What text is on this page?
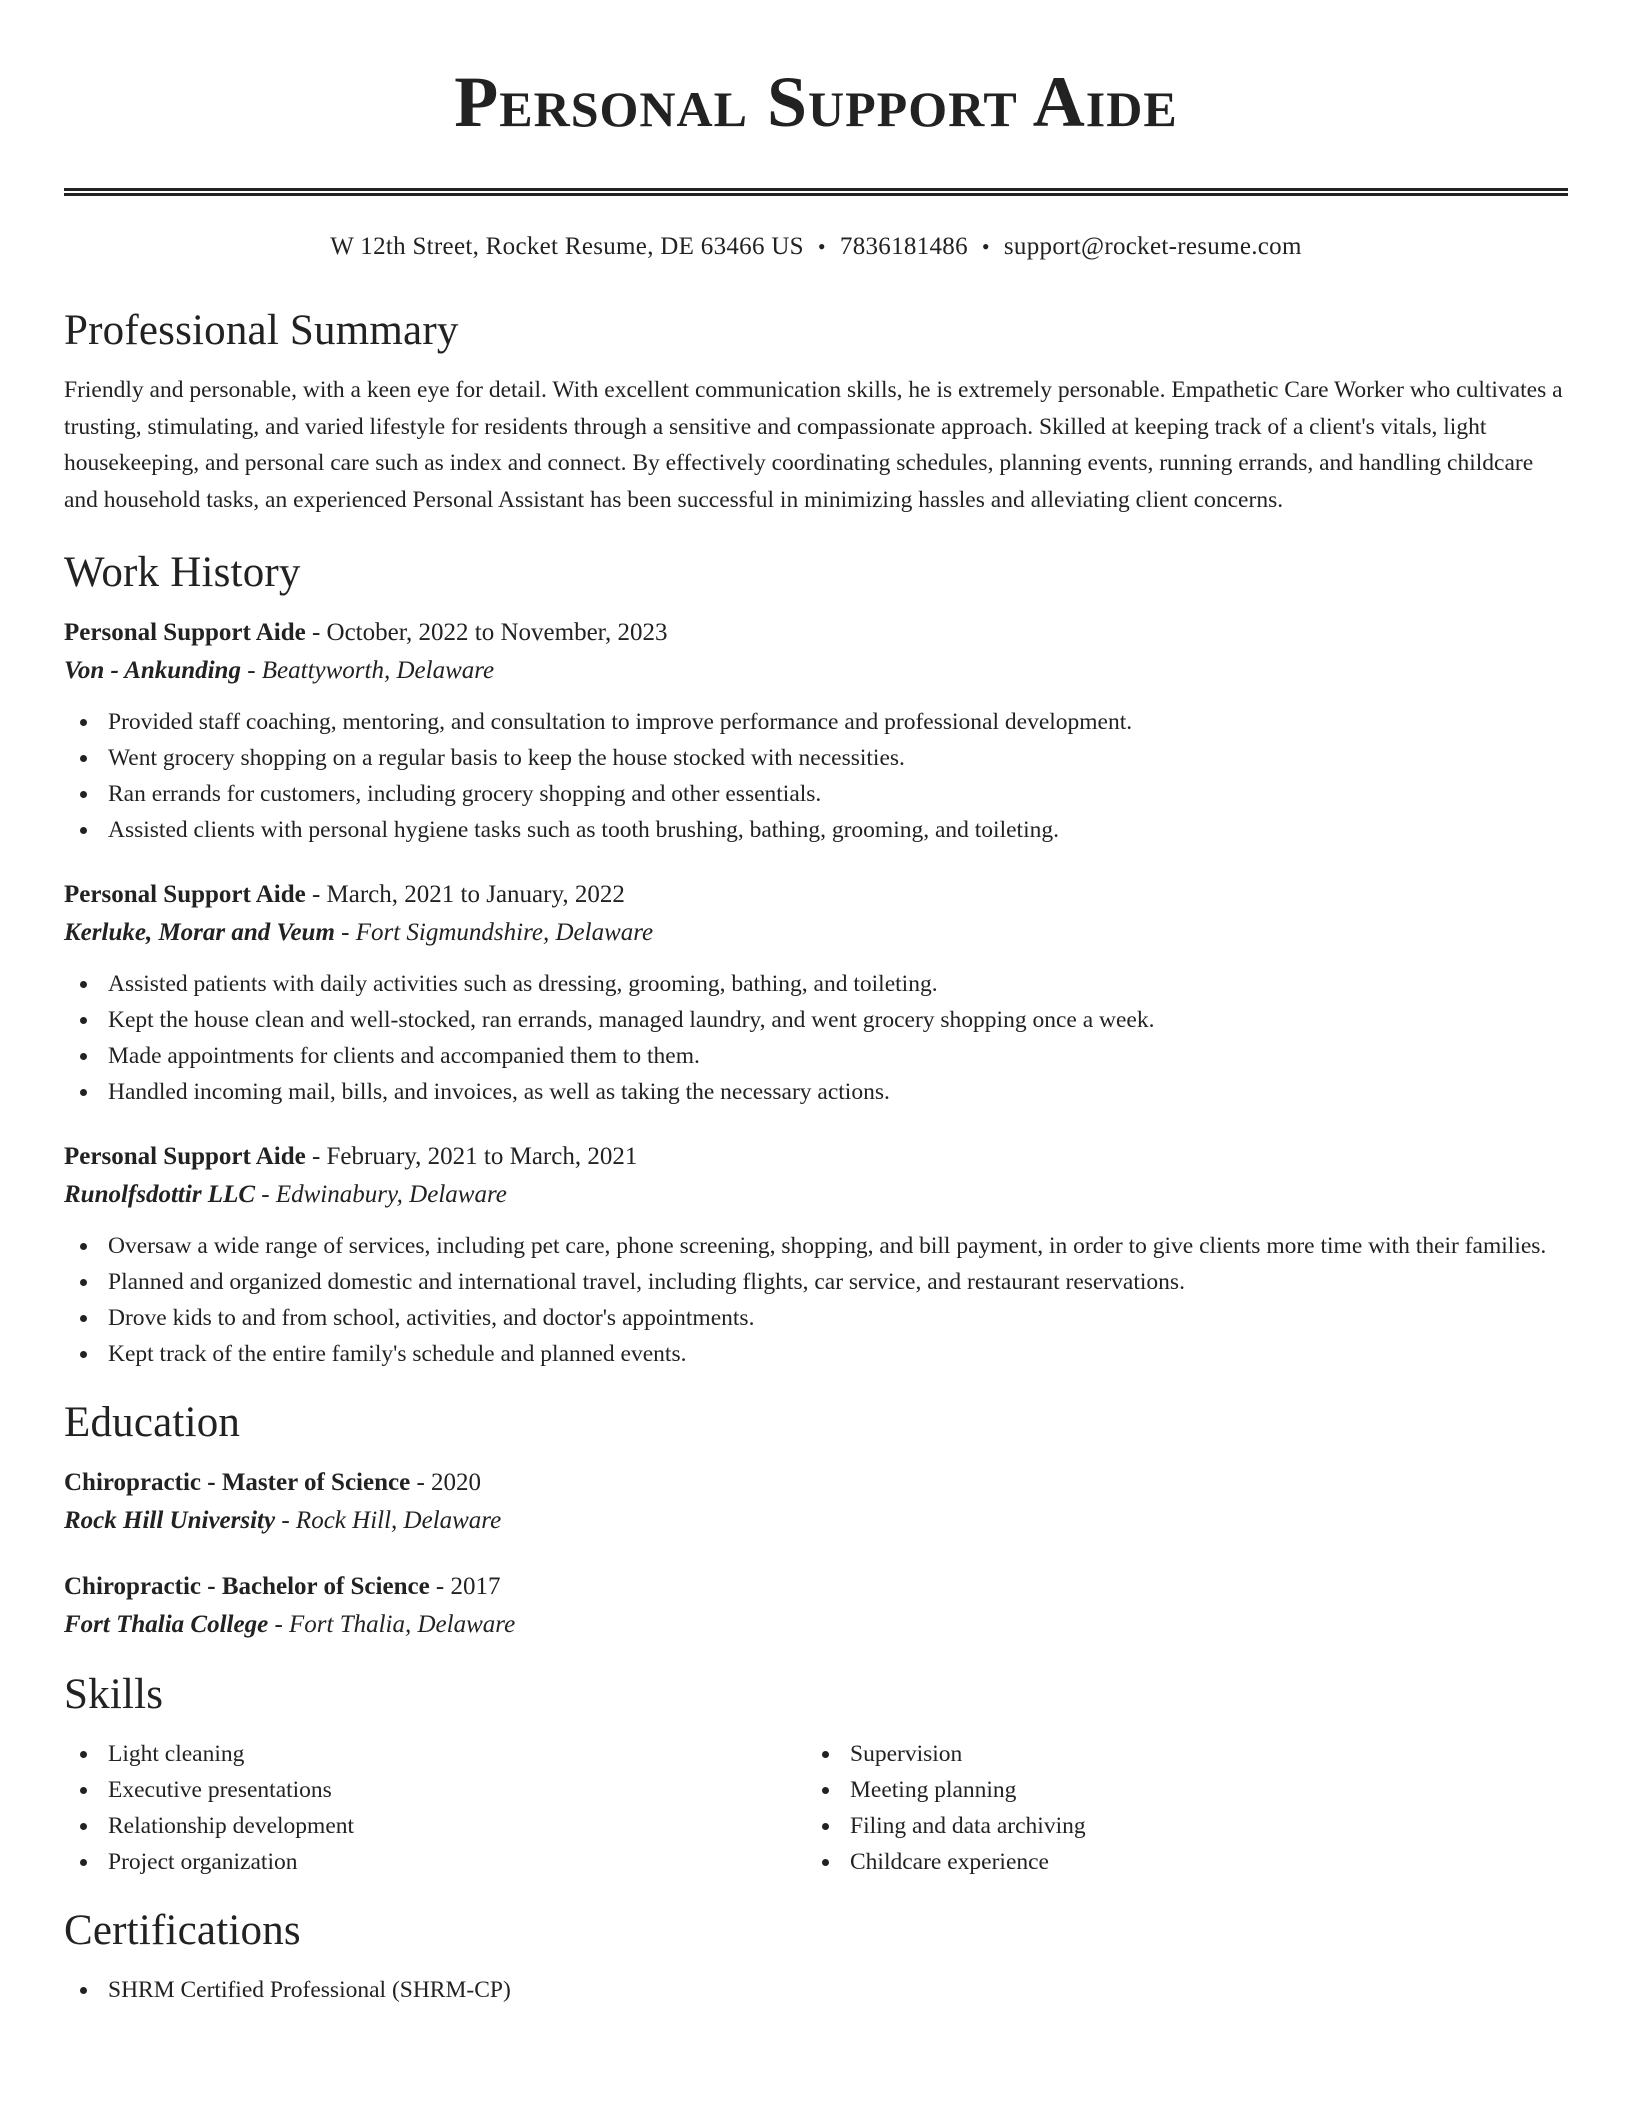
Personal Support Aide
W 12th Street, Rocket Resume, DE 63466 US • 7836181486 • support@rocket-resume.com
Professional Summary

Friendly and personable, with a keen eye for detail. With excellent communication skills, he is extremely personable. Empathetic Care Worker who cultivates a trusting, stimulating, and varied lifestyle for residents through a sensitive and compassionate approach. Skilled at keeping track of a client's vitals, light housekeeping, and personal care such as index and connect. By effectively coordinating schedules, planning events, running errands, and handling childcare and household tasks, an experienced Personal Assistant has been successful in minimizing hassles and alleviating client concerns.

Work History
Personal Support Aide - October, 2022 to November, 2023
Von - Ankunding - Beattyworth, Delaware
Provided staff coaching, mentoring, and consultation to improve performance and professional development.
Went grocery shopping on a regular basis to keep the house stocked with necessities.
Ran errands for customers, including grocery shopping and other essentials.
Assisted clients with personal hygiene tasks such as tooth brushing, bathing, grooming, and toileting.
Personal Support Aide - March, 2021 to January, 2022
Kerluke, Morar and Veum - Fort Sigmundshire, Delaware
Assisted patients with daily activities such as dressing, grooming, bathing, and toileting.
Kept the house clean and well-stocked, ran errands, managed laundry, and went grocery shopping once a week.
Made appointments for clients and accompanied them to them.
Handled incoming mail, bills, and invoices, as well as taking the necessary actions.
Personal Support Aide - February, 2021 to March, 2021
Runolfsdottir LLC - Edwinabury, Delaware
Oversaw a wide range of services, including pet care, phone screening, shopping, and bill payment, in order to give clients more time with their families.
Planned and organized domestic and international travel, including flights, car service, and restaurant reservations.
Drove kids to and from school, activities, and doctor's appointments.
Kept track of the entire family's schedule and planned events.
Education
Chiropractic - Master of Science - 2020
Rock Hill University - Rock Hill, Delaware
Chiropractic - Bachelor of Science - 2017
Fort Thalia College - Fort Thalia, Delaware
Skills
Light cleaning
Executive presentations
Relationship development
Project organization
Supervision
Meeting planning
Filing and data archiving
Childcare experience
Certifications
SHRM Certified Professional (SHRM-CP)
